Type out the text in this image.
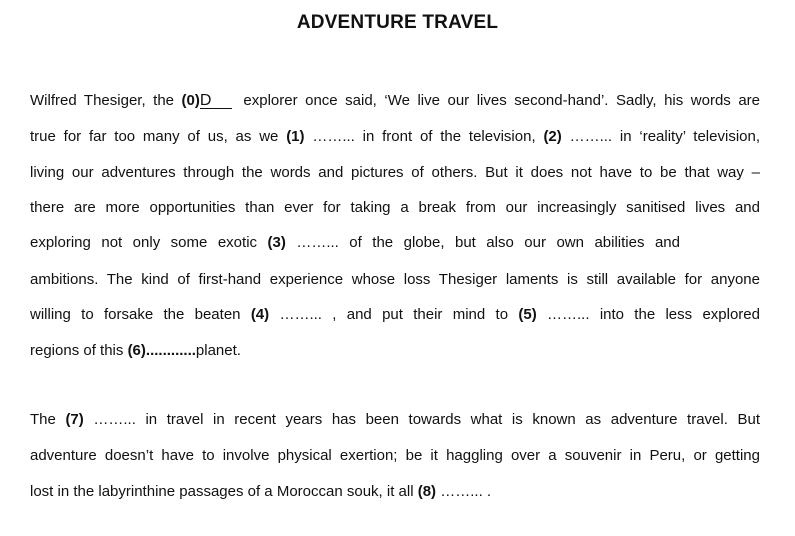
ADVENTURE TRAVEL
Wilfred Thesiger, the (0)D explorer once said, ‘We live our lives second-hand’. Sadly, his words are
true for far too many of us, as we (1) ……... in front of the television, (2) ……... in ‘reality’ television,
living our adventures through the words and pictures of others. But it does not have to be that way –
there are more opportunities than ever for taking a break from our increasingly sanitised lives and
exploring not only some exotic (3) ……... of the globe, but also our own abilities and
ambitions. The kind of first-hand experience whose loss Thesiger laments is still available for anyone
willing to forsake the beaten (4) ……... , and put their mind to (5) ……... into the less explored
regions of this (6)............planet.
The (7) ……... in travel in recent years has been towards what is known as adventure travel. But
adventure doesn’t have to involve physical exertion; be it haggling over a souvenir in Peru, or getting
lost in the labyrinthine passages of a Moroccan souk, it all (8) ……... .
